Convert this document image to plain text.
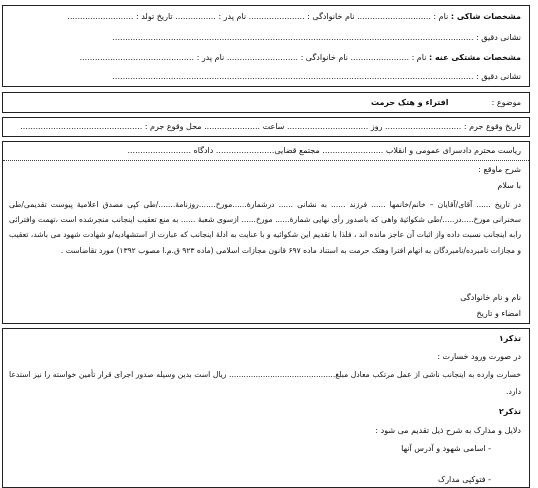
مشخصات شاکی : نام : ............................. نام خانوادگی : ...................... نام پدر : ................ تاریخ تولد : ..........................
نشانی دقیق : ..............................................................................................................................................
مشخصات مشتکی عنه : نام : ....................... نام خانوادگی : ............................ نام پدر : .............................................
نشانی دقیق : ..............................................................................................................................................
موضوع :  افتراء و هتک حرمت
تاریخ وقوع جرم : .............................. روز ................................ ساعت ...................... محل وقوع جرم : ................................................
ریاست محترم دادسرای عمومی و انقلاب ........................ مجتمع قضایی....................... دادگاه .........................
شرح ماوقع :
با سلام
در تاریخ ...... آقای/آقایان – خانم/خانمها ...... فرزند ...... به نشانی ...... درشمارهٔ......مورخ.......روزنامهٔ......./طی کپی مصدق اعلامیهٔ پیوست تقدیمی/طی سخنرانی مورخ.....در...../طی شکوائیهٔ واهی که باصدور رأی نهایی شمارهٔ...... مورخ...... ازسوی شعبهٔ ...... به منع تعقیب اینجانب منجرشده است ،تهمت وافترائی رابه اینجانب نسبت داده واز اثبات آن عاجز مانده اند ، فلذا با تقدیم این شکوائیه و با عنایت به ادلهٔ اینجانب که عبارت از استشهادیه/و شهادت شهود می باشد، تعقیب و مجازات نامبرده/نامبردگان به اتهام افترا وهتک حرمت به استناد ماده ۶۹۷ قانون مجازات اسلامی (ماده ۹۲۳ ق.م.ا مصوب ۱۳۹۲) مورد تقاضاست .
نام و نام خانوادگی
امضاء و تاریخ
تذکر۱
در صورت ورود خسارت :
خسارت وارده به اینجانب ناشی از عمل مرتکب معادل مبلغ............................................ ریال است بدین وسیله صدور اجرای قرار تأمین خواسته را نیز استدعا دارد.
تذکر۲
دلایل و مدارک به شرح ذیل تقدیم می شود :
- اسامی شهود و آدرس آنها
- فتوکپی مدارک
